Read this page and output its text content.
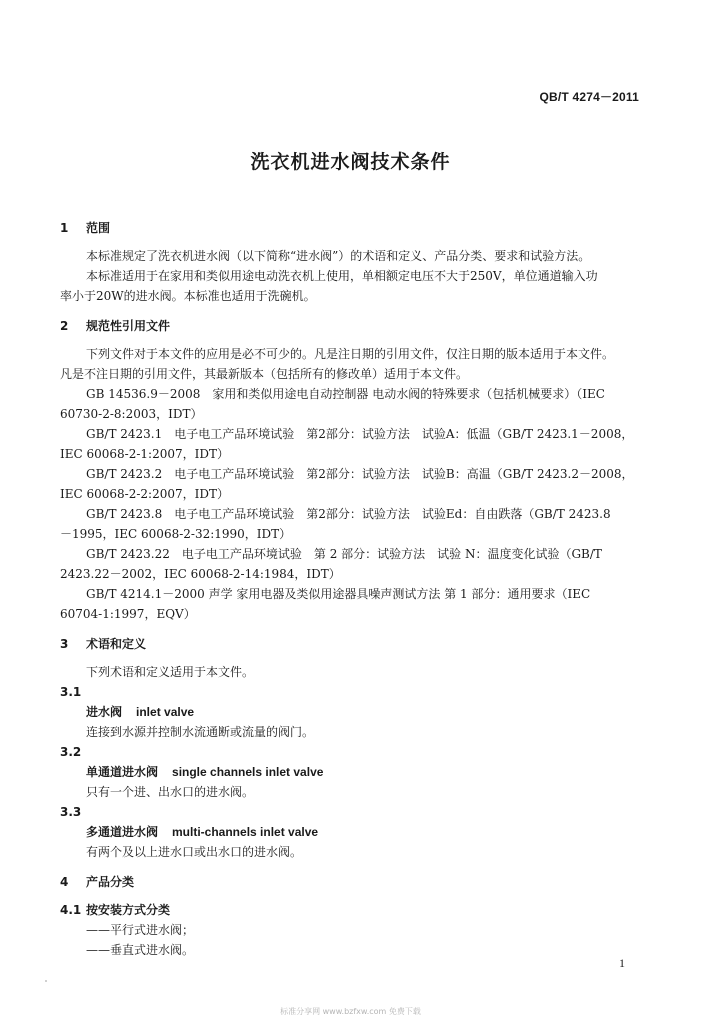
QB/T 4274－2011
洗衣机进水阀技术条件
1 范围
本标准规定了洗衣机进水阀（以下简称“进水阀”）的术语和定义、产品分类、要求和试验方法。
本标准适用于在家用和类似用途电动洗衣机上使用，单相额定电压不大于250V，单位通道输入功
率小于20W的进水阀。本标准也适用于洗碗机。
2 规范性引用文件
下列文件对于本文件的应用是必不可少的。凡是注日期的引用文件，仅注日期的版本适用于本文件。
凡是不注日期的引用文件，其最新版本（包括所有的修改单）适用于本文件。
GB 14536.9－2008　家用和类似用途电自动控制器 电动水阀的特殊要求（包括机械要求）（IEC
60730-2-8:2003，IDT）
GB/T 2423.1　电子电工产品环境试验　第2部分：试验方法　试验A：低温（GB/T 2423.1－2008，
IEC 60068-2-1:2007，IDT）
GB/T 2423.2　电子电工产品环境试验　第2部分：试验方法　试验B：高温（GB/T 2423.2－2008，
IEC 60068-2-2:2007，IDT）
GB/T 2423.8　电子电工产品环境试验　第2部分：试验方法　试验Ed：自由跌落（GB/T 2423.8
－1995，IEC 60068-2-32:1990，IDT）
GB/T 2423.22　电子电工产品环境试验　第 2 部分：试验方法　试验 N：温度变化试验（GB/T
2423.22－2002，IEC 60068-2-14:1984，IDT）
GB/T 4214.1－2000 声学 家用电器及类似用途器具噪声测试方法 第 1 部分：通用要求（IEC
60704-1:1997，EQV）
3 术语和定义
下列术语和定义适用于本文件。
3.1
进水阀 inlet valve
连接到水源并控制水流通断或流量的阀门。
3.2
单通道进水阀 single channels inlet valve
只有一个进、出水口的进水阀。
3.3
多通道进水阀 multi-channels inlet valve
有两个及以上进水口或出水口的进水阀。
4 产品分类
4.1 按安装方式分类
——平行式进水阀；
——垂直式进水阀。
1
标准分享网 www.bzfxw.com 免费下载
